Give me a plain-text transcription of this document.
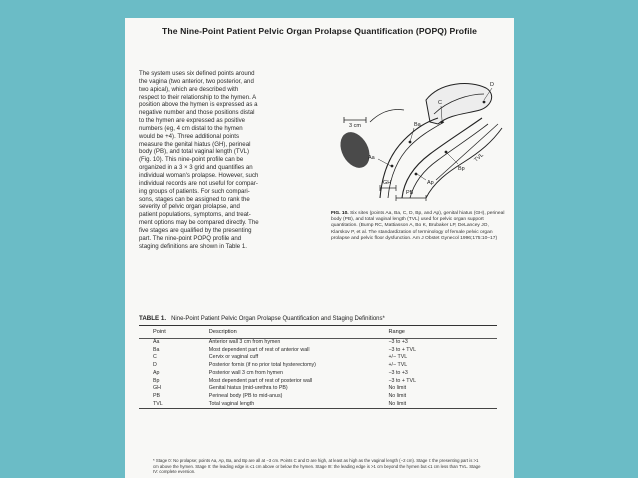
The Nine-Point Patient Pelvic Organ Prolapse Quantification (POPQ) Profile
The system uses six defined points around
the vagina (two anterior, two posterior, and
two apical), which are described with
respect to their relationship to the hymen. A
position above the hymen is expressed as a
negative number and those positions distal
to the hymen are expressed as positive
numbers (eg, 4 cm distal to the hymen
would be +4). Three additional points
measure the genital hiatus (GH), perineal
body (PB), and total vaginal length (TVL)
(Fig. 10). This nine-point profile can be
organized in a 3 × 3 grid and quantifies an
individual woman's prolapse. However, such
individual records are not useful for compar-
ing groups of patients. For such compari-
sons, stages can be assigned to rank the
severity of pelvic organ prolapse, and
patient populations, symptoms, and treat-
ment options may be compared directly. The
five stages are qualified by the presenting
part. The nine-point POPQ profile and
staging definitions are shown in Table 1.
3 cm	Ba
C
D
Aa
Bp
Ap
GH
PB
TVL
FIG. 10. Six sites (points Aa, Ba, C, D, Bp, and Ap), genital hiatus (GH), perineal body (PB), and total vaginal length (TVL) used for pelvic organ support quantitation. (Bump RC, Mattiasson A, Bo K, Brubaker LP, DeLancey JO, Klarskov P, et al. The standardization of terminology of female pelvic organ prolapse and pelvic floor dysfunction. Am J Obstet Gynecol 1996;175:10–17)
TABLE 1. Nine-Point Patient Pelvic Organ Prolapse Quantification and Staging Definitions*
Point	Description	Range
Aa	Anterior wall 3 cm from hymen	−3 to +3
Ba	Most dependent part of rest of anterior wall	−3 to + TVL
C	Cervix or vaginal cuff	+/− TVL
D	Posterior fornix (if no prior total hysterectomy)	+/− TVL
Ap	Posterior wall 3 cm from hymen	−3 to +3
Bp	Most dependent part of rest of posterior wall	−3 to + TVL
GH	Genital hiatus (mid-urethra to PB)	No limit
PB	Perineal body (PB to mid-anus)	No limit
TVL	Total vaginal length	No limit
* Stage 0: No prolapse; points Aa, Ap, Ba, and Bp are all at −3 cm. Points C and D are high, at least as high as the vaginal length (−2 cm). Stage I: the presenting part is >1 cm above the hymen. Stage II: the leading edge is ≤1 cm above or below the hymen. Stage III: the leading edge is >1 cm beyond the hymen but ≤1 cm less than TVL. Stage IV: complete eversion.
